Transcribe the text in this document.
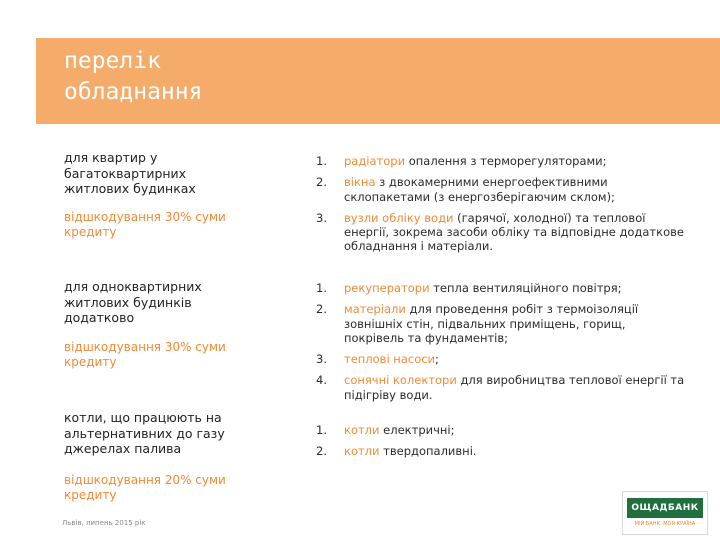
перелік
обладнання
для квартир у багатоквартирних житлових будинках
відшкодування 30% суми кредиту
1. радіатори опалення з терморегуляторами;
2. вікна з двокамерними енергоефективними склопакетами (з енергозберігаючим склом);
3. вузли обліку води (гарячої, холодної) та теплової енергії, зокрема засоби обліку та відповідне додаткове обладнання і матеріали.
для одноквартирних житлових будинків додатково
відшкодування 30% суми кредиту
1. рекуператори тепла вентиляційного повітря;
2. матеріали для проведення робіт з термоізоляції зовнішніх стін, підвальних приміщень, горищ, покрівель та фундаментів;
3. теплові насоси;
4. сонячні колектори для виробництва теплової енергії та підігріву води.
котли, що працюють на альтернативних до газу джерелах палива
відшкодування 20% суми кредиту
1. котли електричні;
2. котли твердопаливні.
Львів, липень 2015 рік
ОЩАДБАНК
МІЙ БАНК. МОЯ КРАЇНА
